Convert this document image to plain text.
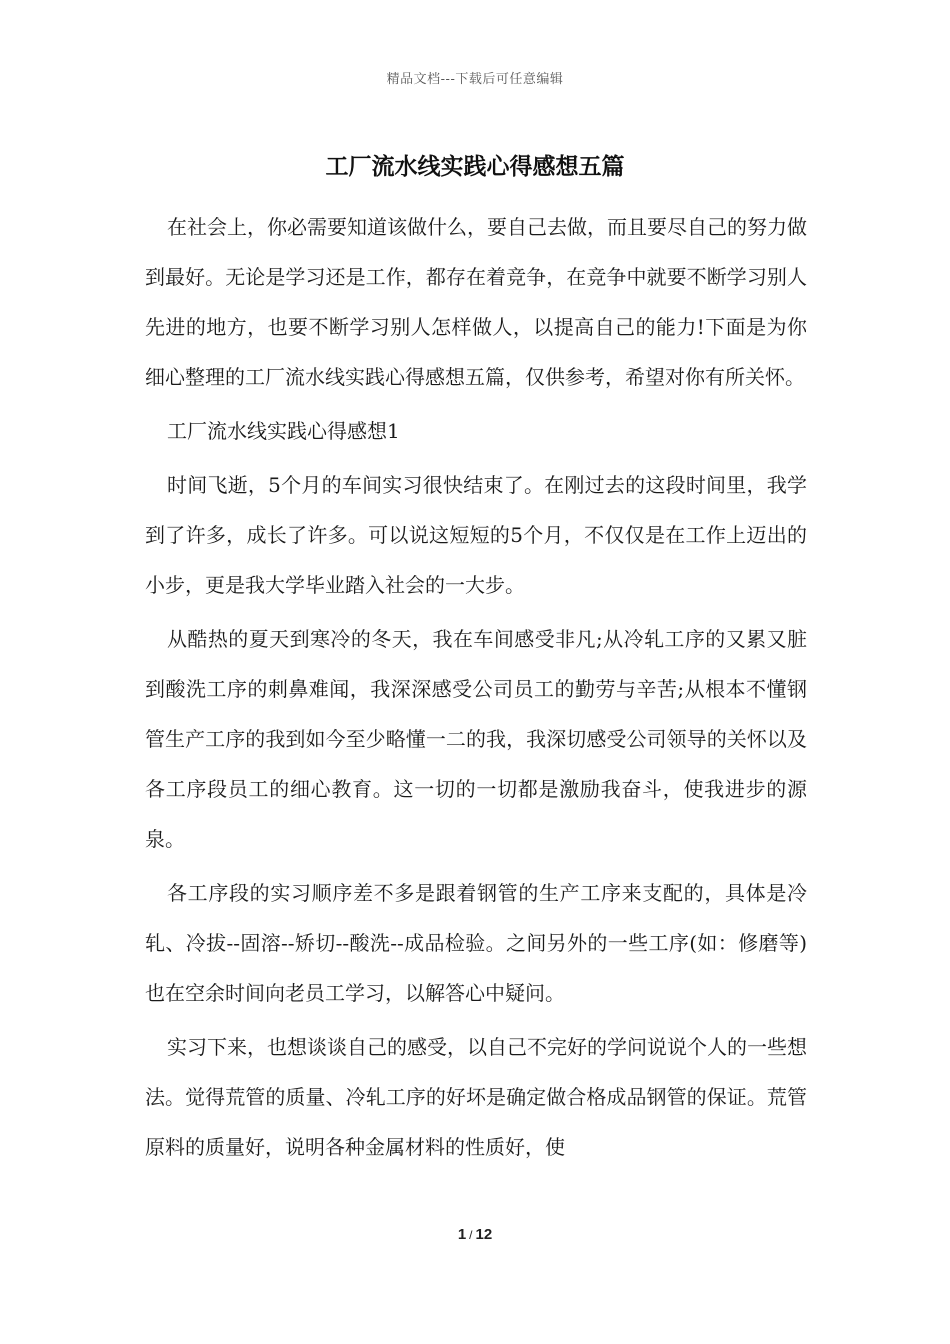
精品文档---下载后可任意编辑
工厂流水线实践心得感想五篇

在社会上，你必需要知道该做什么，要自己去做，而且要尽自己的努力做到最好。无论是学习还是工作，都存在着竞争，在竞争中就要不断学习别人先进的地方，也要不断学习别人怎样做人，以提高自己的能力!下面是为你细心整理的工厂流水线实践心得感想五篇，仅供参考，希望对你有所关怀。

工厂流水线实践心得感想1

时间飞逝，5个月的车间实习很快结束了。在刚过去的这段时间里，我学到了许多，成长了许多。可以说这短短的5个月，不仅仅是在工作上迈出的小步，更是我大学毕业踏入社会的一大步。

从酷热的夏天到寒冷的冬天，我在车间感受非凡;从冷轧工序的又累又脏到酸洗工序的刺鼻难闻，我深深感受公司员工的勤劳与辛苦;从根本不懂钢管生产工序的我到如今至少略懂一二的我，我深切感受公司领导的关怀以及各工序段员工的细心教育。这一切的一切都是激励我奋斗，使我进步的源泉。

各工序段的实习顺序差不多是跟着钢管的生产工序来支配的，具体是冷轧、冷拔--固溶--矫切--酸洗--成品检验。之间另外的一些工序(如：修磨等)也在空余时间向老员工学习，以解答心中疑问。

实习下来，也想谈谈自己的感受，以自己不完好的学问说说个人的一些想法。觉得荒管的质量、冷轧工序的好坏是确定做合格成品钢管的保证。荒管原料的质量好，说明各种金属材料的性质好，使

1 / 12
